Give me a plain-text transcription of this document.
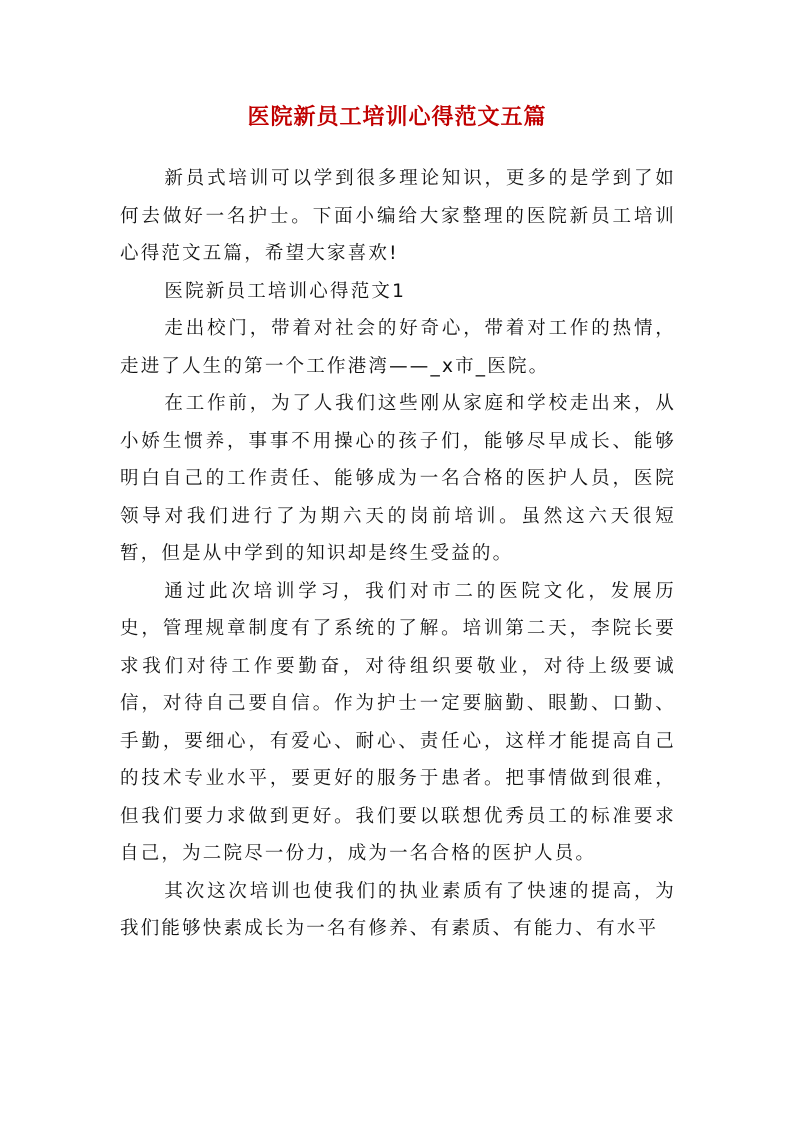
医院新员工培训心得范文五篇

新员式培训可以学到很多理论知识，更多的是学到了如何去做好一名护士。下面小编给大家整理的医院新员工培训心得范文五篇，希望大家喜欢!

医院新员工培训心得范文1

走出校门，带着对社会的好奇心，带着对工作的热情，走进了人生的第一个工作港湾——_x市_医院。

在工作前，为了人我们这些刚从家庭和学校走出来，从小娇生惯养，事事不用操心的孩子们，能够尽早成长、能够明白自己的工作责任、能够成为一名合格的医护人员，医院领导对我们进行了为期六天的岗前培训。虽然这六天很短暂，但是从中学到的知识却是终生受益的。

通过此次培训学习，我们对市二的医院文化，发展历史，管理规章制度有了系统的了解。培训第二天，李院长要求我们对待工作要勤奋，对待组织要敬业，对待上级要诚信，对待自己要自信。作为护士一定要脑勤、眼勤、口勤、手勤，要细心，有爱心、耐心、责任心，这样才能提高自己的技术专业水平，要更好的服务于患者。把事情做到很难，但我们要力求做到更好。我们要以联想优秀员工的标准要求自己，为二院尽一份力，成为一名合格的医护人员。

其次这次培训也使我们的执业素质有了快速的提高，为我们能够快素成长为一名有修养、有素质、有能力、有水平
